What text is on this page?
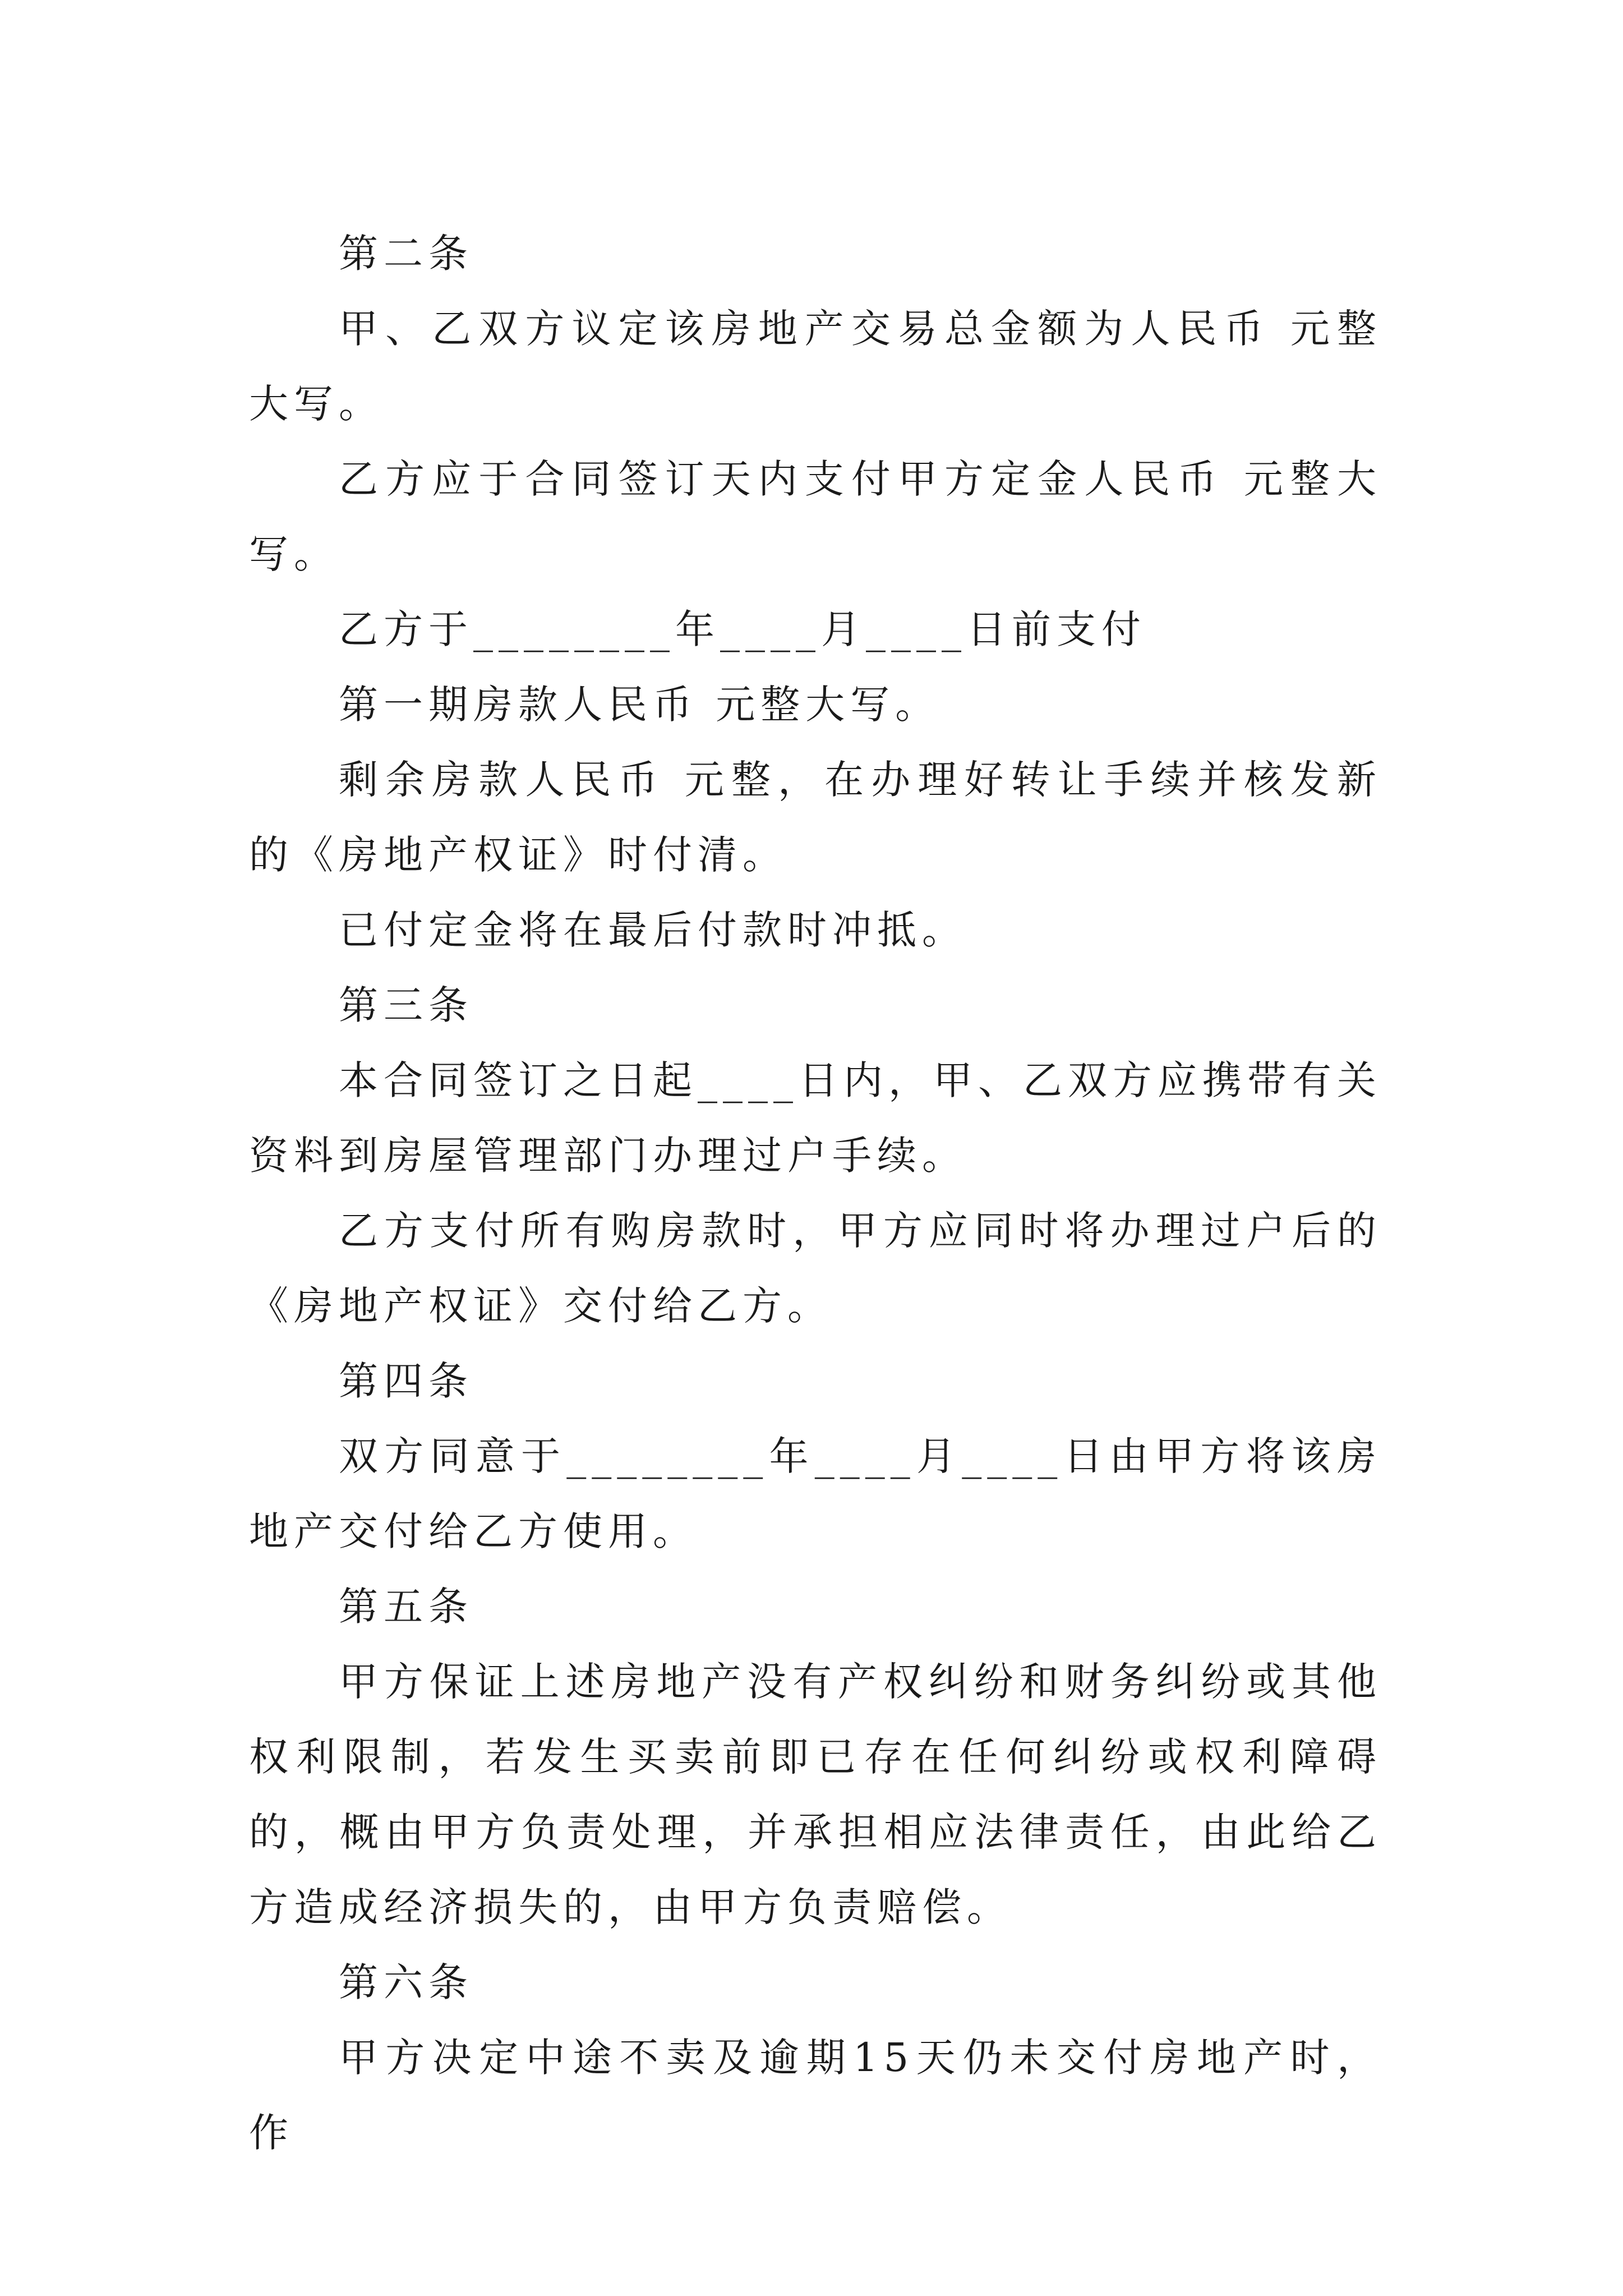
第二条

甲、乙双方议定该房地产交易总金额为人民币 元整大写。

乙方应于合同签订天内支付甲方定金人民币 元整大写。

乙方于________年____月____日前支付

第一期房款人民币 元整大写。

剩余房款人民币 元整，在办理好转让手续并核发新的《房地产权证》时付清。

已付定金将在最后付款时冲抵。

第三条

本合同签订之日起____日内，甲、乙双方应携带有关资料到房屋管理部门办理过户手续。

乙方支付所有购房款时，甲方应同时将办理过户后的《房地产权证》交付给乙方。

第四条

双方同意于________年____月____日由甲方将该房地产交付给乙方使用。

第五条

甲方保证上述房地产没有产权纠纷和财务纠纷或其他权利限制，若发生买卖前即已存在任何纠纷或权利障碍的，概由甲方负责处理，并承担相应法律责任，由此给乙方造成经济损失的，由甲方负责赔偿。

第六条

甲方决定中途不卖及逾期15天仍未交付房地产时，作
